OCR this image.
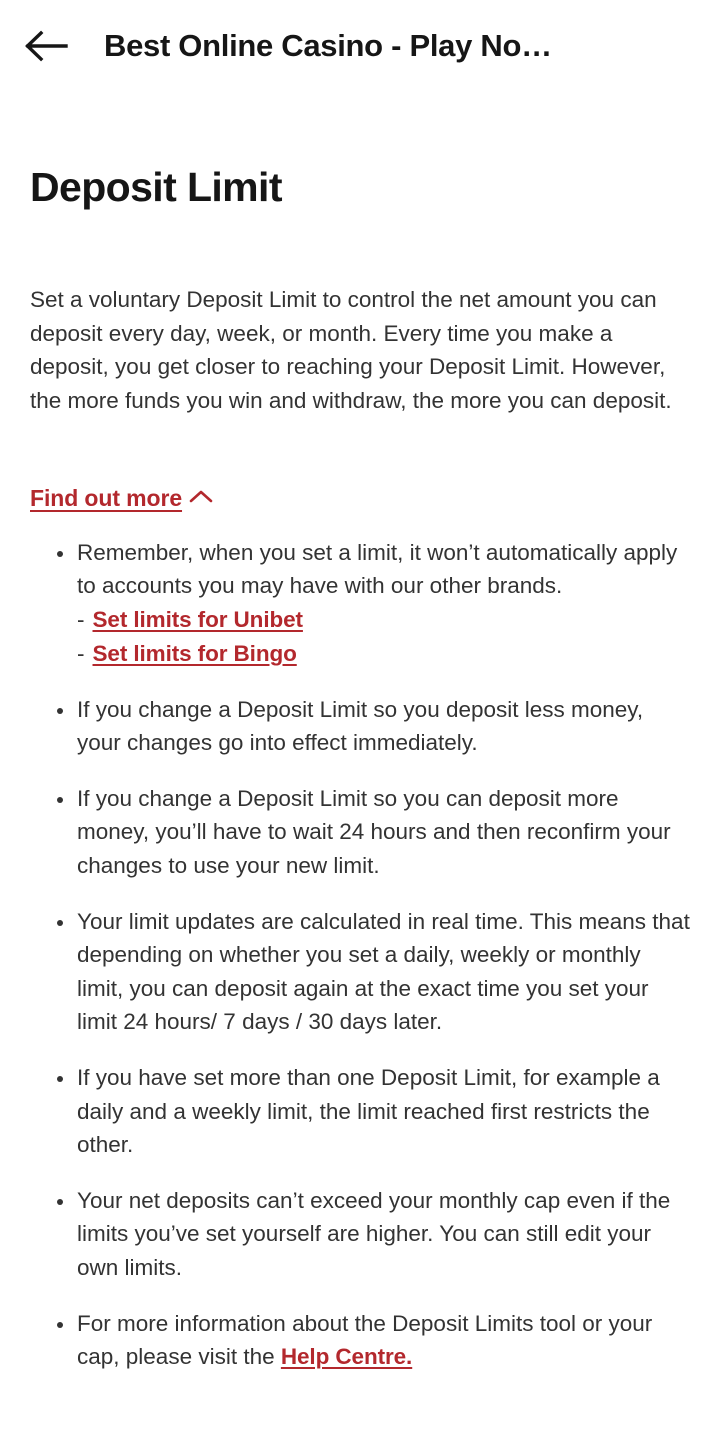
Best Online Casino - Play No…
Deposit Limit

Set a voluntary Deposit Limit to control the net amount you can deposit every day, week, or month. Every time you make a deposit, you get closer to reaching your Deposit Limit. However, the more funds you win and withdraw, the more you can deposit.

Find out more
Remember, when you set a limit, it won’t automatically apply to accounts you may have with our other brands.
- Set limits for Unibet
- Set limits for Bingo
If you change a Deposit Limit so you deposit less money, your changes go into effect immediately.
If you change a Deposit Limit so you can deposit more money, you’ll have to wait 24 hours and then reconfirm your changes to use your new limit.
Your limit updates are calculated in real time. This means that depending on whether you set a daily, weekly or monthly limit, you can deposit again at the exact time you set your limit 24 hours/ 7 days / 30 days later.
If you have set more than one Deposit Limit, for example a daily and a weekly limit, the limit reached first restricts the other.
Your net deposits can’t exceed your monthly cap even if the limits you’ve set yourself are higher. You can still edit your own limits.
For more information about the Deposit Limits tool or your cap, please visit the Help Centre.
